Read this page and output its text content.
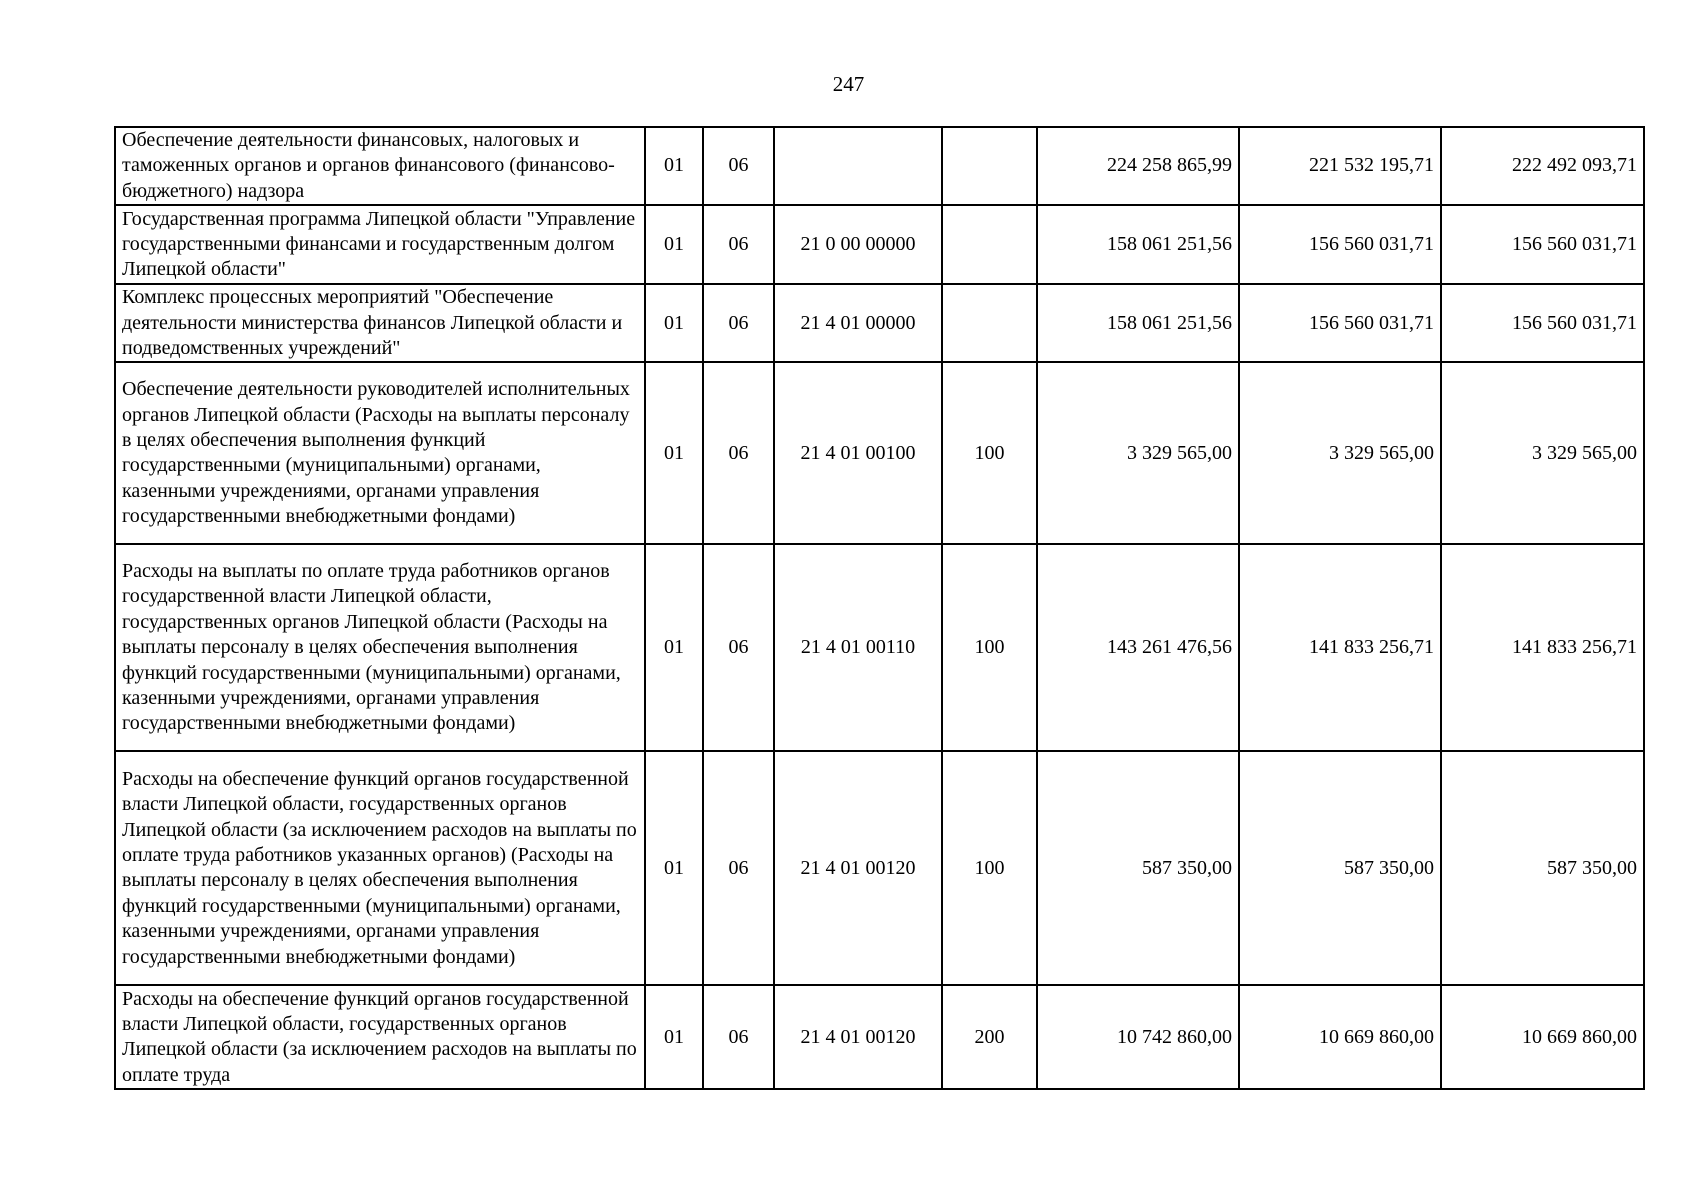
247
Обеспечение деятельности финансовых, налоговых и таможенных органов и органов финансового (финансово-бюджетного) надзора	01	06			224 258 865,99	221 532 195,71	222 492 093,71
Государственная программа Липецкой области "Управление государственными финансами и государственным долгом Липецкой области"	01	06	21 0 00 00000		158 061 251,56	156 560 031,71	156 560 031,71
Комплекс процессных мероприятий "Обеспечение деятельности министерства финансов Липецкой области и подведомственных учреждений"	01	06	21 4 01 00000		158 061 251,56	156 560 031,71	156 560 031,71
Обеспечение деятельности руководителей исполнительных органов Липецкой области (Расходы на выплаты персоналу в целях обеспечения выполнения функций государственными (муниципальными) органами, казенными учреждениями, органами управления государственными внебюджетными фондами)	01	06	21 4 01 00100	100	3 329 565,00	3 329 565,00	3 329 565,00
Расходы на выплаты по оплате труда работников органов государственной власти Липецкой области, государственных органов Липецкой области (Расходы на выплаты персоналу в целях обеспечения выполнения функций государственными (муниципальными) органами, казенными учреждениями, органами управления государственными внебюджетными фондами)	01	06	21 4 01 00110	100	143 261 476,56	141 833 256,71	141 833 256,71
Расходы на обеспечение функций органов государственной власти Липецкой области, государственных органов Липецкой области (за исключением расходов на выплаты по оплате труда работников указанных органов) (Расходы на выплаты персоналу в целях обеспечения выполнения функций государственными (муниципальными) органами, казенными учреждениями, органами управления государственными внебюджетными фондами)	01	06	21 4 01 00120	100	587 350,00	587 350,00	587 350,00
Расходы на обеспечение функций органов государственной власти Липецкой области, государственных органов Липецкой области (за исключением расходов на выплаты по оплате труда	01	06	21 4 01 00120	200	10 742 860,00	10 669 860,00	10 669 860,00
